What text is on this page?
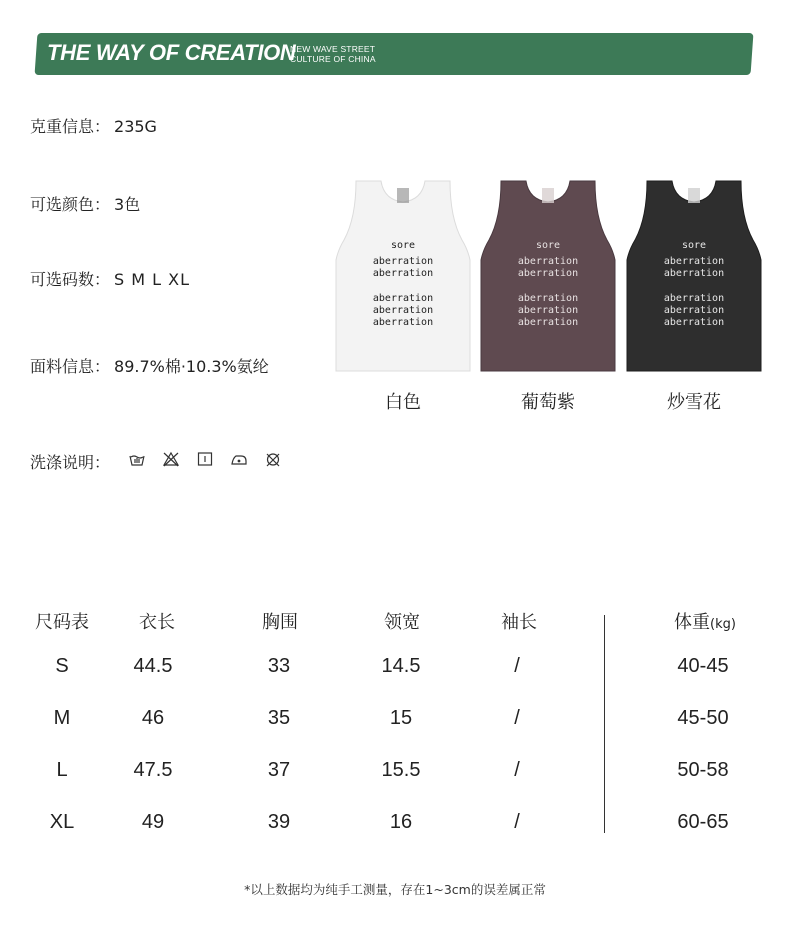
THE WAY OF CREATION
NEW WAVE STREET
CULTURE OF CHINA
克重信息： 235G
可选颜色： 3色
可选码数： S M L XL
面料信息： 89.7%棉·10.3%氨纶
洗涤说明：
sore
aberration
aberration
aberration
aberration
aberration
sore
aberration
aberration
aberration
aberration
aberration
sore
aberration
aberration
aberration
aberration
aberration
白色	葡萄紫	炒雪花
尺码表	衣长	胸围	领宽	袖长	体重(kg)
S	44.5	33	14.5	/	40-45
M	46	35	15	/	45-50
L	47.5	37	15.5	/	50-58
XL	49	39	16	/	60-65
*以上数据均为纯手工测量，存在1~3cm的误差属正常
